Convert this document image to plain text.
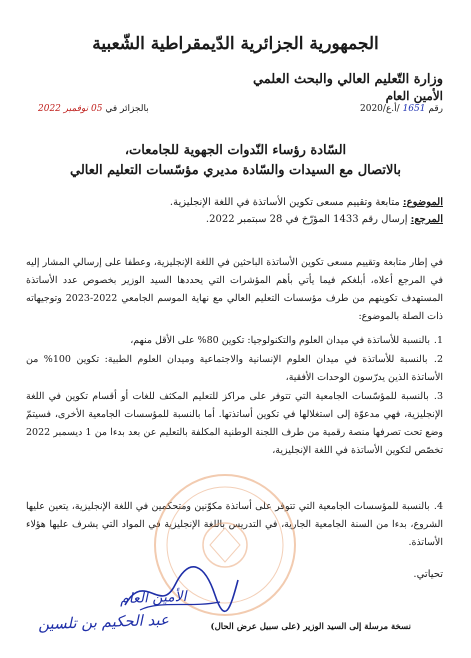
الجمهورية الجزائرية الدّيمقراطية الشّعبية
وزارة التّعليم العالي والبحث العلمي
الأمين العام
رقم 1651 /أ.ع/2020
بالجزائر في 05 نوفمبر 2022
السّادة رؤساء النّدوات الجهوية للجامعات،
بالاتصال مع السيدات والسّادة مديري مؤسّسات التعليم العالي
الموضوع: متابعة وتقييم مسعى تكوين الأساتذة في اللغة الإنجليزية.
المرجع: إرسال رقم 1433 المؤرّخ في 28 سبتمبر 2022.
في إطار متابعة وتقييم مسعى تكوين الأساتذة الباحثين في اللغة الإنجليزية، وعطفا على إرسالي المشار إليه في المرجع أعلاه، أبلغكم فيما يأتي بأهم المؤشرات التي يحددها السيد الوزير بخصوص عدد الأساتذة المستهدف تكوينهم من طرف مؤسسات التعليم العالي مع نهاية الموسم الجامعي 2022-2023 وتوجيهاته ذات الصلة بالموضوع:
1. بالنسبة للأساتذة في ميدان العلوم والتكنولوجيا: تكوين 80% على الأقل منهم،
2. بالنسبة للأساتذة في ميدان العلوم الإنسانية والاجتماعية وميدان العلوم الطبية: تكوين 100% من الأساتذة الذين يدرّسون الوحدات الأفقية،
3. بالنسبة للمؤسّسات الجامعية التي تتوفر على مراكز للتعليم المكثف للغات أو أقسام تكوين في اللغة الإنجليزية، فهي مدعوّة إلى استغلالها في تكوين أساتذتها. أما بالنسبة للمؤسسات الجامعية الأخرى، فسيتمّ وضع تحت تصرفها منصة رقمية من طرف اللجنة الوطنية المكلفة بالتعليم عن بعد بدءا من 1 ديسمبر 2022 تخصّص لتكوين الأساتذة في اللغة الإنجليزية،
4. بالنسبة للمؤسسات الجامعية التي تتوفر على أساتذة مكوّنين ومتحكمين في اللغة الإنجليزية، يتعين عليها الشروع، بدءا من السنة الجامعية الجارية، في التدريس باللغة الإنجليزية في المواد التي يشرف عليها هؤلاء الأساتذة.
تحياتي.
الأمين العام
عبد الحكيم بن تلسين	نسخة مرسلة إلى السيد الوزير (على سبيل عرض الحال)
